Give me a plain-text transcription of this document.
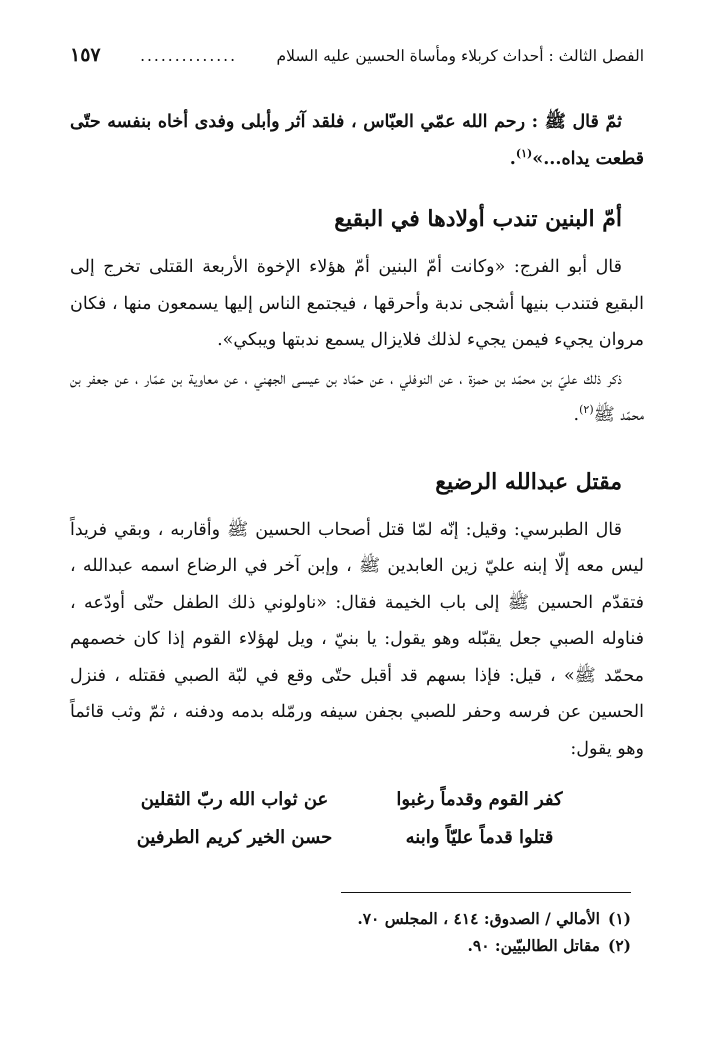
الفصل الثالث : أحداث كربلاء ومأساة الحسين عليه السلام
..............
١٥٧

ثمّ قال ﷺ : رحم الله عمّي العبّاس ، فلقد آثر وأبلى وفدى أخاه بنفسه حتّى قطعت يداه...»$^{(١)}$.

أمّ البنين تندب أولادها في البقيع

قال أبو الفرج: «وكانت أمّ البنين أمّ هؤلاء الإخوة الأربعة القتلى تخرج إلى البقيع فتندب بنيها أشجى ندبة وأحرقها ، فيجتمع الناس إليها يسمعون منها ، فكان مروان يجيء فيمن يجيء لذلك فلايزال يسمع ندبتها ويبكي».

ذكر ذلك عليّ بن محمّد بن حمزة ، عن النوفلي ، عن حمّاد بن عيسى الجهني ، عن معاوية بن عمّار ، عن جعفر بن محمّد ﷺ$^{(٢)}$.

مقتل عبدالله الرضيع

قال الطبرسي: وقيل: إنّه لمّا قتل أصحاب الحسين ﷺ وأقاربه ، وبقي فريداً ليس معه إلّا إبنه عليّ زين العابدين ﷺ ، وإبن آخر في الرضاع اسمه عبدالله ، فتقدّم الحسين ﷺ إلى باب الخيمة فقال: «ناولوني ذلك الطفل حتّى أودّعه ، فناوله الصبي جعل يقبّله وهو يقول: يا بنيّ ، ويل لهؤلاء القوم إذا كان خصمهم محمّد ﷺ» ، قيل: فإذا بسهم قد أقبل حتّى وقع في لبّة الصبي فقتله ، فنزل الحسين عن فرسه وحفر للصبي بجفن سيفه ورمّله بدمه ودفنه ، ثمّ وثب قائماً وهو يقول:

كفر القوم وقدماً رغبوا
عن ثواب الله ربّ الثقلين
قتلوا قدماً عليّاً وابنه
حسن الخير كريم الطرفين
(١)الأمالي / الصدوق: ٤١٤ ، المجلس ٧٠.
(٢)مقاتل الطالبيّين: ٩٠.
